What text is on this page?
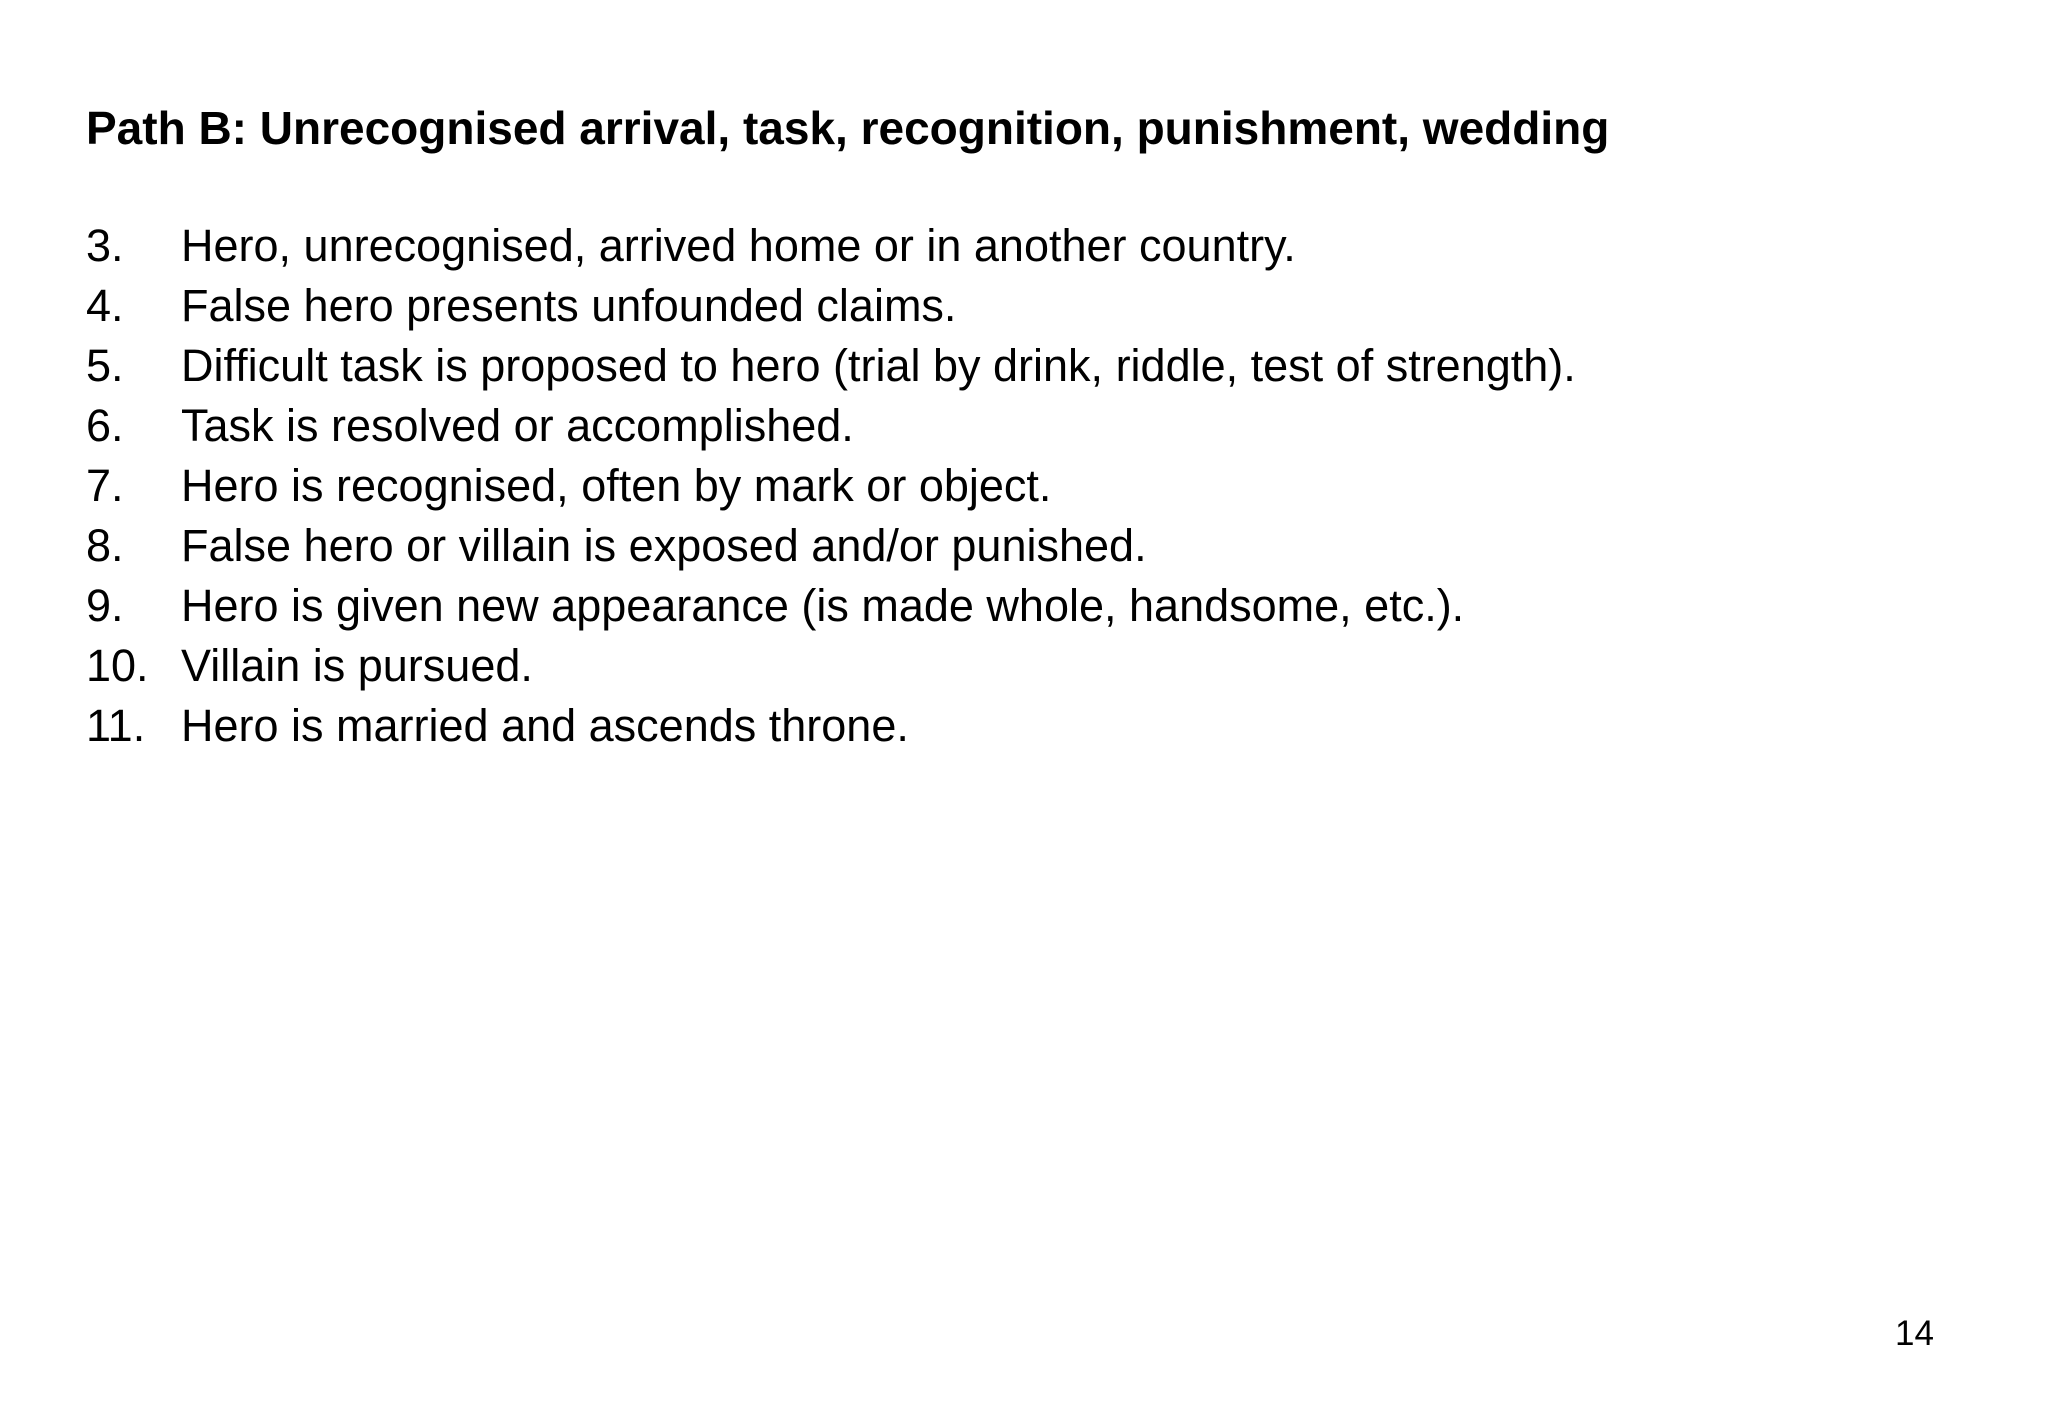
Path B: Unrecognised arrival, task, recognition, punishment, wedding
3.	Hero, unrecognised, arrived home or in another country.
4.	False hero presents unfounded claims.
5.	Difficult task is proposed to hero (trial by drink, riddle, test of strength).
6.	Task is resolved or accomplished.
7.	Hero is recognised, often by mark or object.
8.	False hero or villain is exposed and/or punished.
9.	Hero is given new appearance (is made whole, handsome, etc.).
10. Villain is pursued.
11. Hero is married and ascends throne.
14
